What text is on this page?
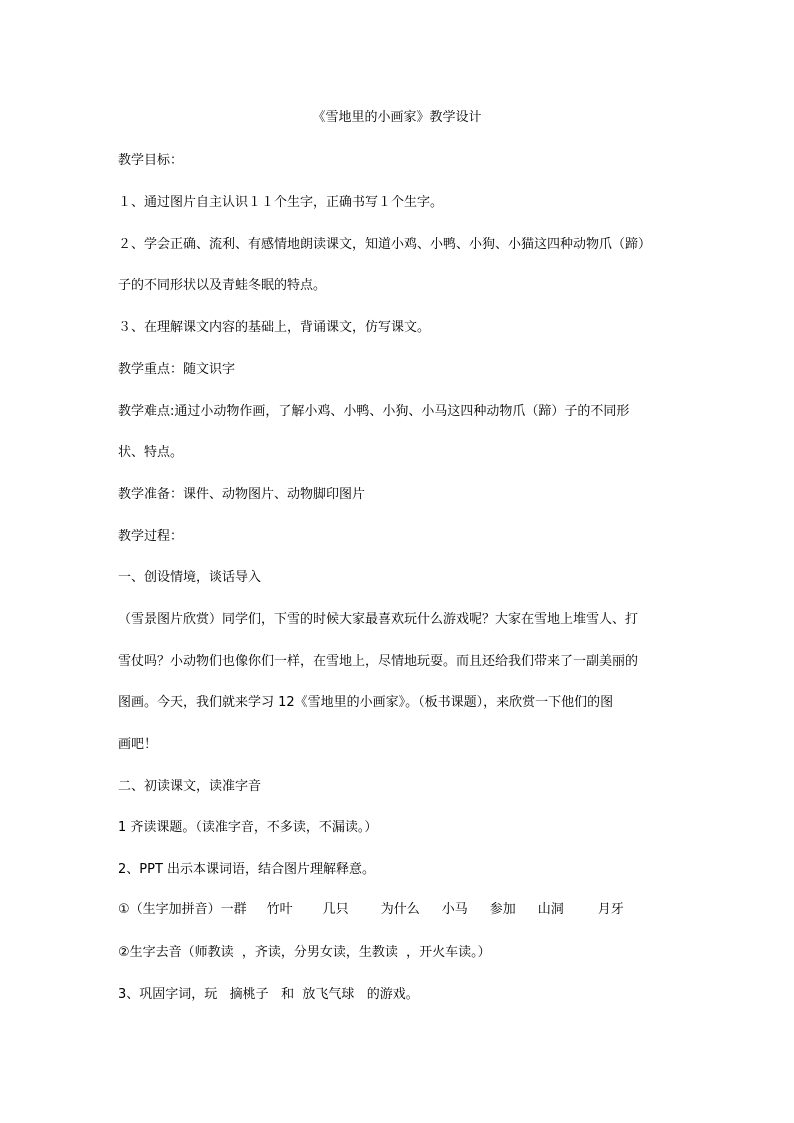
《雪地里的小画家》教学设计
教学目标：
１、通过图片自主认识１１个生字，正确书写１个生字。
２、学会正确、流利、有感情地朗读课文，知道小鸡、小鸭、小狗、小猫这四种动物爪（蹄）
子的不同形状以及青蛙冬眠的特点。
３、在理解课文内容的基础上，背诵课文，仿写课文。
教学重点：随文识字
教学难点:通过小动物作画，了解小鸡、小鸭、小狗、小马这四种动物爪（蹄）子的不同形
状、特点。
教学准备：课件、动物图片、动物脚印图片
教学过程：
一、创设情境，谈话导入
（雪景图片欣赏）同学们，下雪的时候大家最喜欢玩什么游戏呢？大家在雪地上堆雪人、打
雪仗吗？小动物们也像你们一样，在雪地上，尽情地玩耍。而且还给我们带来了一副美丽的
图画。今天，我们就来学习 12《雪地里的小画家》。（板书课题），来欣赏一下他们的图
画吧！
二、初读课文，读准字音
1 齐读课题。（读准字音，不多读，不漏读。）
2、PPT 出示本课词语，结合图片理解释意。
①（生字加拼音）一群 竹叶 几只 为什么 小马 参加 山洞	月牙
②生字去音（师教读  ，齐读，分男女读，生教读  ，开火车读。）
3、巩固字词，玩   摘桃子   和  放飞气球   的游戏。
